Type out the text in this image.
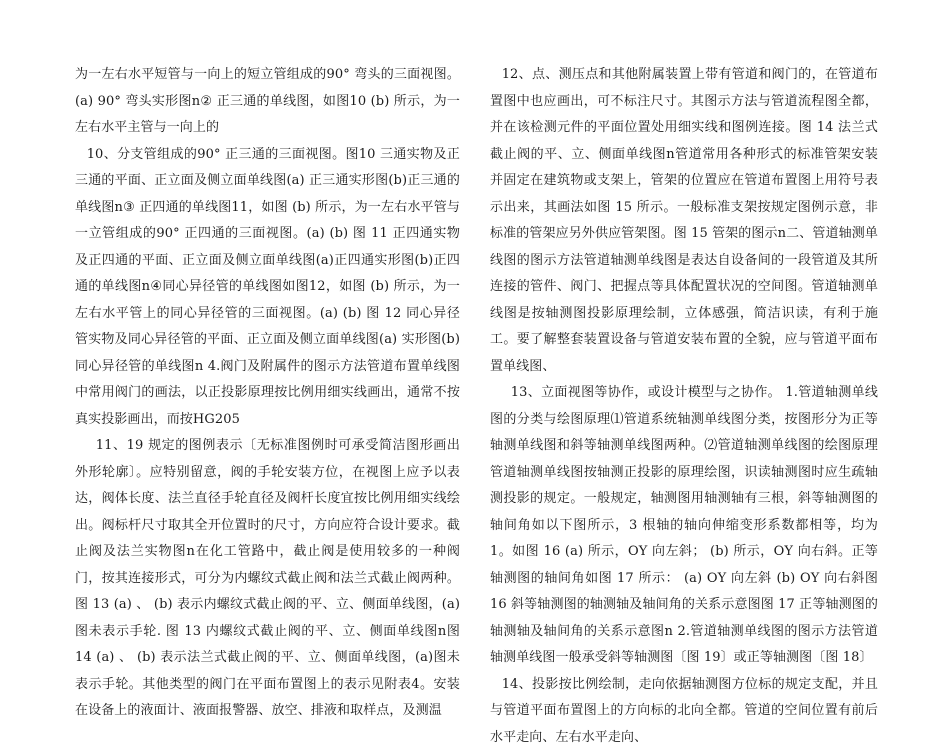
为一左右水平短管与一向上的短立管组成的90° 弯头的三面视图。(a) 90° 弯头实形图n② 正三通的单线图，如图10 (b) 所示，为一左右水平主管与一向上的

10、分支管组成的90° 正三通的三面视图。图10 三通实物及正三通的平面、正立面及侧立面单线图(a) 正三通实形图(b)正三通的单线图n③ 正四通的单线图11，如图 (b) 所示，为一左右水平管与一立管组成的90° 正四通的三面视图。(a) (b) 图 11 正四通实物及正四通的平面、正立面及侧立面单线图(a)正四通实形图(b)正四通的单线图n④同心异径管的单线图如图12，如图 (b) 所示，为一左右水平管上的同心异径管的三面视图。(a) (b) 图 12 同心异径管实物及同心异径管的平面、正立面及侧立面单线图(a) 实形图(b)同心异径管的单线图n 4.阀门及附属件的图示方法管道布置单线图中常用阀门的画法，以正投影原理按比例用细实线画出，通常不按真实投影画出，而按HG205

11、19 规定的图例表示〔无标准图例时可承受简洁图形画出外形轮廓〕。应特别留意，阀的手轮安装方位，在视图上应予以表达，阀体长度、法兰直径手轮直径及阀杆长度宜按比例用细实线绘出。阀标杆尺寸取其全开位置时的尺寸，方向应符合设计要求。截止阀及法兰实物图n在化工管路中，截止阀是使用较多的一种阀门，按其连接形式，可分为内螺纹式截止阀和法兰式截止阀两种。图 13 (a) 、 (b) 表示内螺纹式截止阀的平、立、侧面单线图，(a)图未表示手轮. 图 13 内螺纹式截止阀的平、立、侧面单线图n图 14 (a) 、 (b) 表示法兰式截止阀的平、立、侧面单线图，(a)图未表示手轮。其他类型的阀门在平面布置图上的表示见附表4。安装在设备上的液面计、液面报警器、放空、排液和取样点，及测温

12、点、测压点和其他附属装置上带有管道和阀门的，在管道布置图中也应画出，可不标注尺寸。其图示方法与管道流程图全都，并在该检测元件的平面位置处用细实线和图例连接。图 14 法兰式截止阀的平、立、侧面单线图n管道常用各种形式的标准管架安装并固定在建筑物或支架上，管架的位置应在管道布置图上用符号表示出来，其画法如图 15 所示。一般标准支架按规定图例示意，非标准的管架应另外供应管架图。图 15 管架的图示n二、管道轴测单线图的图示方法管道轴测单线图是表达自设备间的一段管道及其所连接的管件、阀门、把握点等具体配置状况的空间图。管道轴测单线图是按轴测图投影原理绘制，立体感强，简洁识读，有利于施工。要了解整套装置设备与管道安装布置的全貌，应与管道平面布置单线图、

13、立面视图等协作，或设计模型与之协作。 1.管道轴测单线图的分类与绘图原理⑴管道系统轴测单线图分类，按图形分为正等轴测单线图和斜等轴测单线图两种。⑵管道轴测单线图的绘图原理管道轴测单线图按轴测正投影的原理绘图，识读轴测图时应生疏轴测投影的规定。一般规定，轴测图用轴测轴有三根，斜等轴测图的轴间角如以下图所示，3 根轴的轴向伸缩变形系数都相等，均为 1。如图 16 (a) 所示，OY 向左斜； (b) 所示，OY 向右斜。正等轴测图的轴间角如图 17 所示： (a) OY 向左斜 (b) OY 向右斜图 16 斜等轴测图的轴测轴及轴间角的关系示意图图 17 正等轴测图的轴测轴及轴间角的关系示意图n 2.管道轴测单线图的图示方法管道轴测单线图一般承受斜等轴测图〔图 19〕或正等轴测图〔图 18〕

14、投影按比例绘制，走向依据轴测图方位标的规定支配，并且与管道平面布置图上的方向标的北向全都。管道的空间位置有前后水平走向、左右水平走向、
